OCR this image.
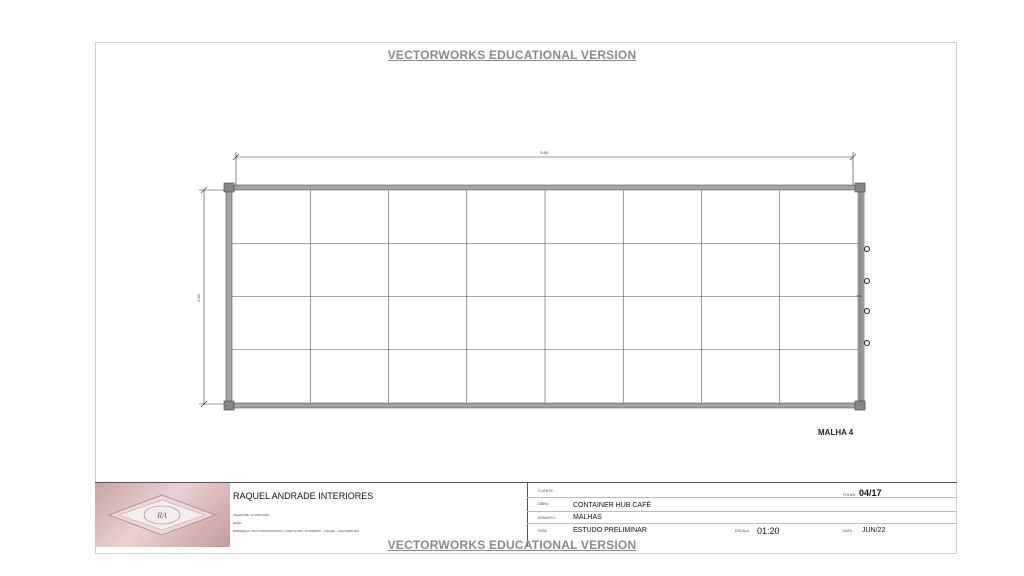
VECTORWORKS EDUCATIONAL VERSION
5,80
2,00
MALHA 4
RA
RAQUEL ANDRADE INTERIORES
TELEFONE: 00 0000-0000
EMAIL:
ENDEREÇO: RUA XXXXXXXXXXXX, N 000 COMPL XX BAIRRO - CIDADE - CEP 00000-000
CLIENTE:
OBRA:	CONTAINER HUB CAFÉ
ASSUNTO: MALHAS
FASE:	ESTUDO PRELIMINAR	ESCALA: 01:20	DATA: JUN/22
FOLHA: 04/17
VECTORWORKS EDUCATIONAL VERSION
